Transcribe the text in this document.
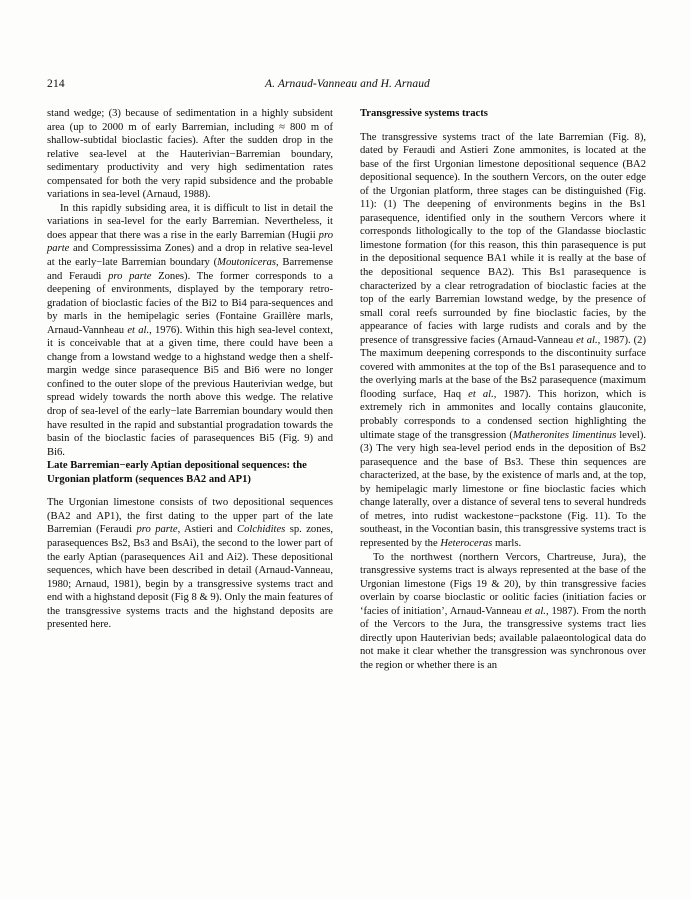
214	A. Arnaud-Vanneau and H. Arnaud

stand wedge; (3) because of sedimentation in a highly subsident area (up to 2000 m of early Barremian, including ≈ 800 m of shallow-subtidal bioclastic facies). After the sudden drop in the relative sea-level at the Hauterivian−Barremian boundary, sedimentary productivity and very high sedimentation rates compensated for both the very rapid subsidence and the probable variations in sea-level (Arnaud, 1988).

In this rapidly subsiding area, it is difficult to list in detail the variations in sea-level for the early Barremian. Nevertheless, it does appear that there was a rise in the early Barremian (Hugii pro parte and Compressissima Zones) and a drop in relative sea-level at the early−late Barremian boundary (Moutoniceras, Barremense and Feraudi pro parte Zones). The former corresponds to a deepening of environments, displayed by the temporary retro-gradation of bioclastic facies of the Bi2 to Bi4 para-sequences and by marls in the hemipelagic series (Fontaine Graillère marls, Arnaud-Vannheau et al., 1976). Within this high sea-level context, it is conceivable that at a given time, there could have been a change from a lowstand wedge to a highstand wedge then a shelf-margin wedge since parasequence Bi5 and Bi6 were no longer confined to the outer slope of the previous Hauterivian wedge, but spread widely towards the north above this wedge. The relative drop of sea-level of the early−late Barremian boundary would then have resulted in the rapid and substantial progradation towards the basin of the bioclastic facies of parasequences Bi5 (Fig. 9) and Bi6.

Late Barremian−early Aptian depositional sequences: the Urgonian platform (sequences BA2 and AP1)

The Urgonian limestone consists of two depositional sequences (BA2 and AP1), the first dating to the upper part of the late Barremian (Feraudi pro parte, Astieri and Colchidites sp. zones, parasequences Bs2, Bs3 and BsAi), the second to the lower part of the early Aptian (parasequences Ai1 and Ai2). These depositional sequences, which have been described in detail (Arnaud-Vanneau, 1980; Arnaud, 1981), begin by a transgressive systems tract and end with a highstand deposit (Fig 8 & 9). Only the main features of the transgressive systems tracts and the highstand deposits are presented here.

Transgressive systems tracts

The transgressive systems tract of the late Barremian (Fig. 8), dated by Feraudi and Astieri Zone ammonites, is located at the base of the first Urgonian limestone depositional sequence (BA2 depositional sequence). In the southern Vercors, on the outer edge of the Urgonian platform, three stages can be distinguished (Fig. 11): (1) The deepening of environments begins in the Bs1 parasequence, identified only in the southern Vercors where it corresponds lithologically to the top of the Glandasse bioclastic limestone formation (for this reason, this thin parasequence is put in the depositional sequence BA1 while it is really at the base of the depositional sequence BA2). This Bs1 parasequence is characterized by a clear retrogradation of bioclastic facies at the top of the early Barremian lowstand wedge, by the presence of small coral reefs surrounded by fine bioclastic facies, by the appearance of facies with large rudists and corals and by the presence of transgressive facies (Arnaud-Vanneau et al., 1987). (2) The maximum deepening corresponds to the discontinuity surface covered with ammonites at the top of the Bs1 parasequence and to the overlying marls at the base of the Bs2 parasequence (maximum flooding surface, Haq et al., 1987). This horizon, which is extremely rich in ammonites and locally contains glauconite, probably corresponds to a condensed section highlighting the ultimate stage of the transgression (Matheronites limentinus level). (3) The very high sea-level period ends in the deposition of Bs2 parasequence and the base of Bs3. These thin sequences are characterized, at the base, by the existence of marls and, at the top, by hemipelagic marly limestone or fine bioclastic facies which change laterally, over a distance of several tens to several hundreds of metres, into rudist wackestone−packstone (Fig. 11). To the southeast, in the Vocontian basin, this transgressive systems tract is represented by the Heteroceras marls.

To the northwest (northern Vercors, Chartreuse, Jura), the transgressive systems tract is always represented at the base of the Urgonian limestone (Figs 19 & 20), by thin transgressive facies overlain by coarse bioclastic or oolitic facies (initiation facies or ‘facies of initiation’, Arnaud-Vanneau et al., 1987). From the north of the Vercors to the Jura, the transgressive systems tract lies directly upon Hauterivian beds; available palaeontological data do not make it clear whether the transgression was synchronous over the region or whether there is an
